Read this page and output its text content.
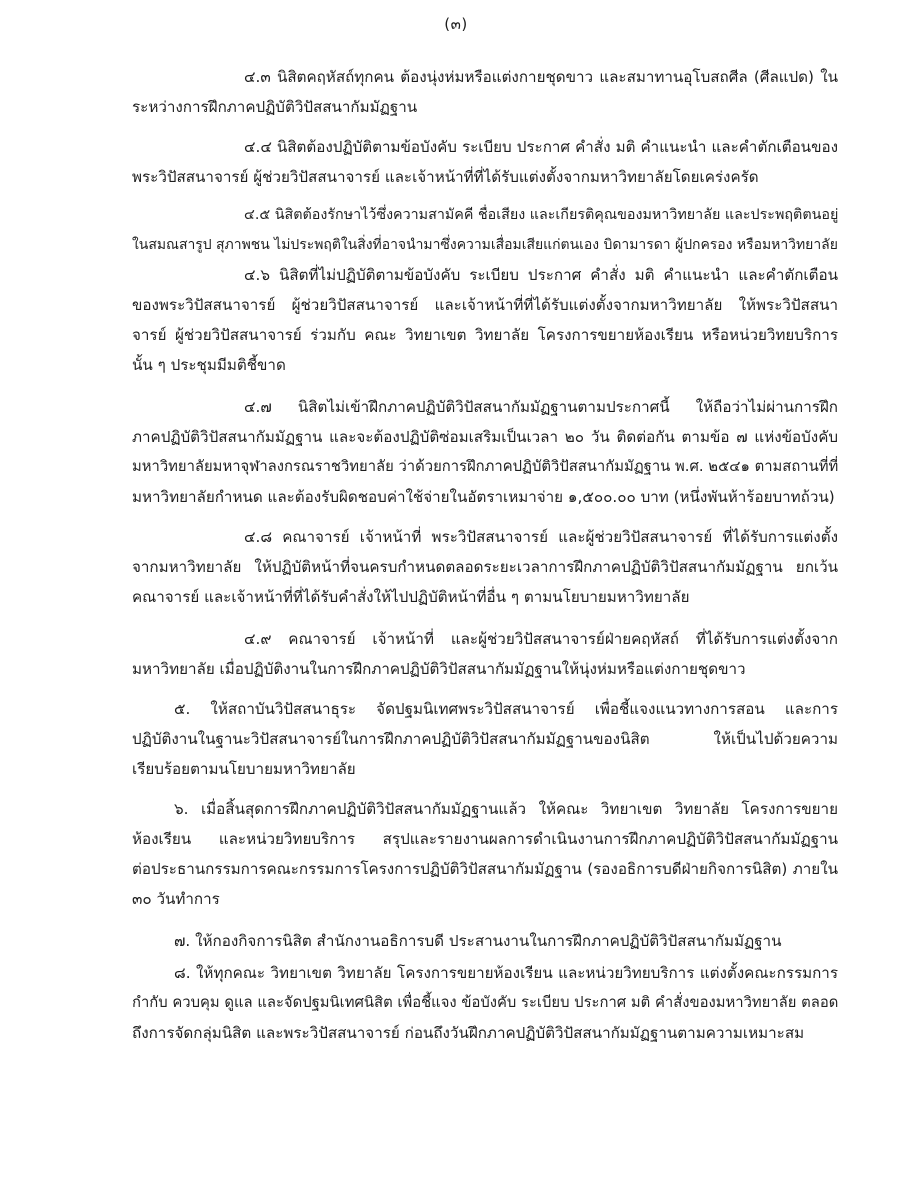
(๓)
๔.๓ นิสิตคฤหัสถ์ทุกคน ต้องนุ่งห่มหรือแต่งกายชุดขาว และสมาทานอุโบสถศีล (ศีลแปด) ใน
ระหว่างการฝึกภาคปฏิบัติวิปัสสนากัมมัฏฐาน
๔.๔ นิสิตต้องปฏิบัติตามข้อบังคับ ระเบียบ ประกาศ คำสั่ง มติ คำแนะนำ และคำตักเตือนของ
พระวิปัสสนาจารย์ ผู้ช่วยวิปัสสนาจารย์ และเจ้าหน้าที่ที่ได้รับแต่งตั้งจากมหาวิทยาลัยโดยเคร่งครัด
๔.๕ นิสิตต้องรักษาไว้ซึ่งความสามัคคี ชื่อเสียง และเกียรติคุณของมหาวิทยาลัย และประพฤติตนอยู่
ในสมณสารูป สุภาพชน ไม่ประพฤติในสิ่งที่อาจนำมาซึ่งความเสื่อมเสียแก่ตนเอง บิดามารดา ผู้ปกครอง หรือมหาวิทยาลัย
๔.๖ นิสิตที่ไม่ปฏิบัติตามข้อบังคับ ระเบียบ ประกาศ คำสั่ง มติ คำแนะนำ และคำตักเตือน
ของพระวิปัสสนาจารย์ ผู้ช่วยวิปัสสนาจารย์ และเจ้าหน้าที่ที่ได้รับแต่งตั้งจากมหาวิทยาลัย ให้พระวิปัสสนา
จารย์ ผู้ช่วยวิปัสสนาจารย์ ร่วมกับ คณะ วิทยาเขต วิทยาลัย โครงการขยายห้องเรียน หรือหน่วยวิทยบริการ
นั้น ๆ ประชุมมีมติชี้ขาด
๔.๗ นิสิตไม่เข้าฝึกภาคปฏิบัติวิปัสสนากัมมัฏฐานตามประกาศนี้ ให้ถือว่าไม่ผ่านการฝึก
ภาคปฏิบัติวิปัสสนากัมมัฏฐาน และจะต้องปฏิบัติซ่อมเสริมเป็นเวลา ๒๐ วัน ติดต่อกัน ตามข้อ ๗ แห่งข้อบังคับ
มหาวิทยาลัยมหาจุฬาลงกรณราชวิทยาลัย ว่าด้วยการฝึกภาคปฏิบัติวิปัสสนากัมมัฏฐาน พ.ศ. ๒๕๔๑ ตามสถานที่ที่
มหาวิทยาลัยกำหนด และต้องรับผิดชอบค่าใช้จ่ายในอัตราเหมาจ่าย ๑,๕๐๐.๐๐ บาท (หนึ่งพันห้าร้อยบาทถ้วน)
๔.๘ คณาจารย์ เจ้าหน้าที่ พระวิปัสสนาจารย์ และผู้ช่วยวิปัสสนาจารย์ ที่ได้รับการแต่งตั้ง
จากมหาวิทยาลัย ให้ปฏิบัติหน้าที่จนครบกำหนดตลอดระยะเวลาการฝึกภาคปฏิบัติวิปัสสนากัมมัฏฐาน ยกเว้น
คณาจารย์ และเจ้าหน้าที่ที่ได้รับคำสั่งให้ไปปฏิบัติหน้าที่อื่น ๆ ตามนโยบายมหาวิทยาลัย
๔.๙ คณาจารย์ เจ้าหน้าที่ และผู้ช่วยวิปัสสนาจารย์ฝ่ายคฤหัสถ์ ที่ได้รับการแต่งตั้งจาก
มหาวิทยาลัย เมื่อปฏิบัติงานในการฝึกภาคปฏิบัติวิปัสสนากัมมัฏฐานให้นุ่งห่มหรือแต่งกายชุดขาว
๕. ให้สถาบันวิปัสสนาธุระ จัดปฐมนิเทศพระวิปัสสนาจารย์ เพื่อชี้แจงแนวทางการสอน และการ
ปฏิบัติงานในฐานะวิปัสสนาจารย์ในการฝึกภาคปฏิบัติวิปัสสนากัมมัฏฐานของนิสิต ให้เป็นไปด้วยความ
เรียบร้อยตามนโยบายมหาวิทยาลัย
๖. เมื่อสิ้นสุดการฝึกภาคปฏิบัติวิปัสสนากัมมัฏฐานแล้ว ให้คณะ วิทยาเขต วิทยาลัย โครงการขยาย
ห้องเรียน และหน่วยวิทยบริการ สรุปและรายงานผลการดำเนินงานการฝึกภาคปฏิบัติวิปัสสนากัมมัฏฐาน
ต่อประธานกรรมการคณะกรรมการโครงการปฏิบัติวิปัสสนากัมมัฏฐาน (รองอธิการบดีฝ่ายกิจการนิสิต) ภายใน
๓๐ วันทำการ
๗. ให้กองกิจการนิสิต สำนักงานอธิการบดี ประสานงานในการฝึกภาคปฏิบัติวิปัสสนากัมมัฏฐาน
๘. ให้ทุกคณะ วิทยาเขต วิทยาลัย โครงการขยายห้องเรียน และหน่วยวิทยบริการ แต่งตั้งคณะกรรมการ
กำกับ ควบคุม ดูแล และจัดปฐมนิเทศนิสิต เพื่อชี้แจง ข้อบังคับ ระเบียบ ประกาศ มติ คำสั่งของมหาวิทยาลัย ตลอด
ถึงการจัดกลุ่มนิสิต และพระวิปัสสนาจารย์ ก่อนถึงวันฝึกภาคปฏิบัติวิปัสสนากัมมัฏฐานตามความเหมาะสม
